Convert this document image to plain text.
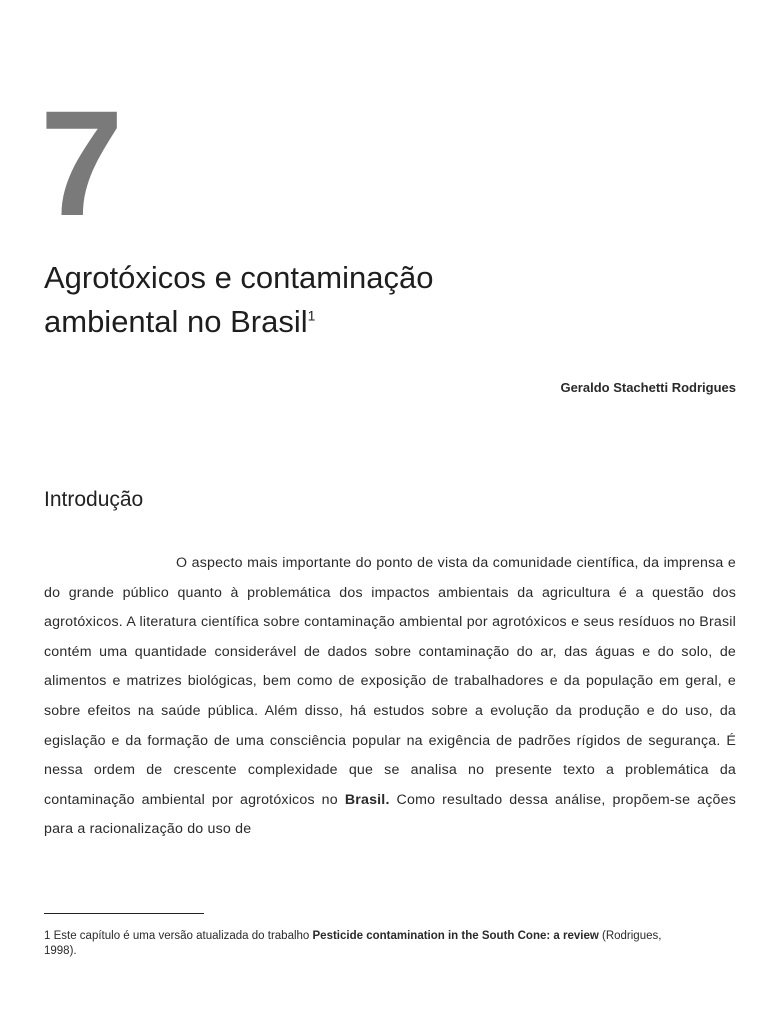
7
Agrotóxicos e contaminação
ambiental no Brasil$^1$
Geraldo Stachetti Rodrigues
Introdução

O aspecto mais importante do ponto de vista da comunidade científica, da imprensa e do grande público quanto à problemática dos impactos ambientais da agricultura é a questão dos agrotóxicos. A literatura científica sobre contaminação ambiental por agrotóxicos e seus resíduos no Brasil contém uma quantidade considerável de dados sobre contaminação do ar, das águas e do solo, de alimentos e matrizes biológicas, bem como de exposição de trabalhadores e da população em geral, e sobre efeitos na saúde pública. Além disso, há estudos sobre a evolução da produção e do uso, da egislação e da formação de uma consciência popular na exigência de padrões rígidos de segurança. É nessa ordem de crescente complexidade que se analisa no presente texto a problemática da contaminação ambiental por agrotóxicos no Brasil. Como resultado dessa análise, propõem-se ações para a racionalização do uso de

1 Este capítulo é uma versão atualizada do trabalho Pesticide contamination in the South Cone: a review (Rodrigues, 1998).
